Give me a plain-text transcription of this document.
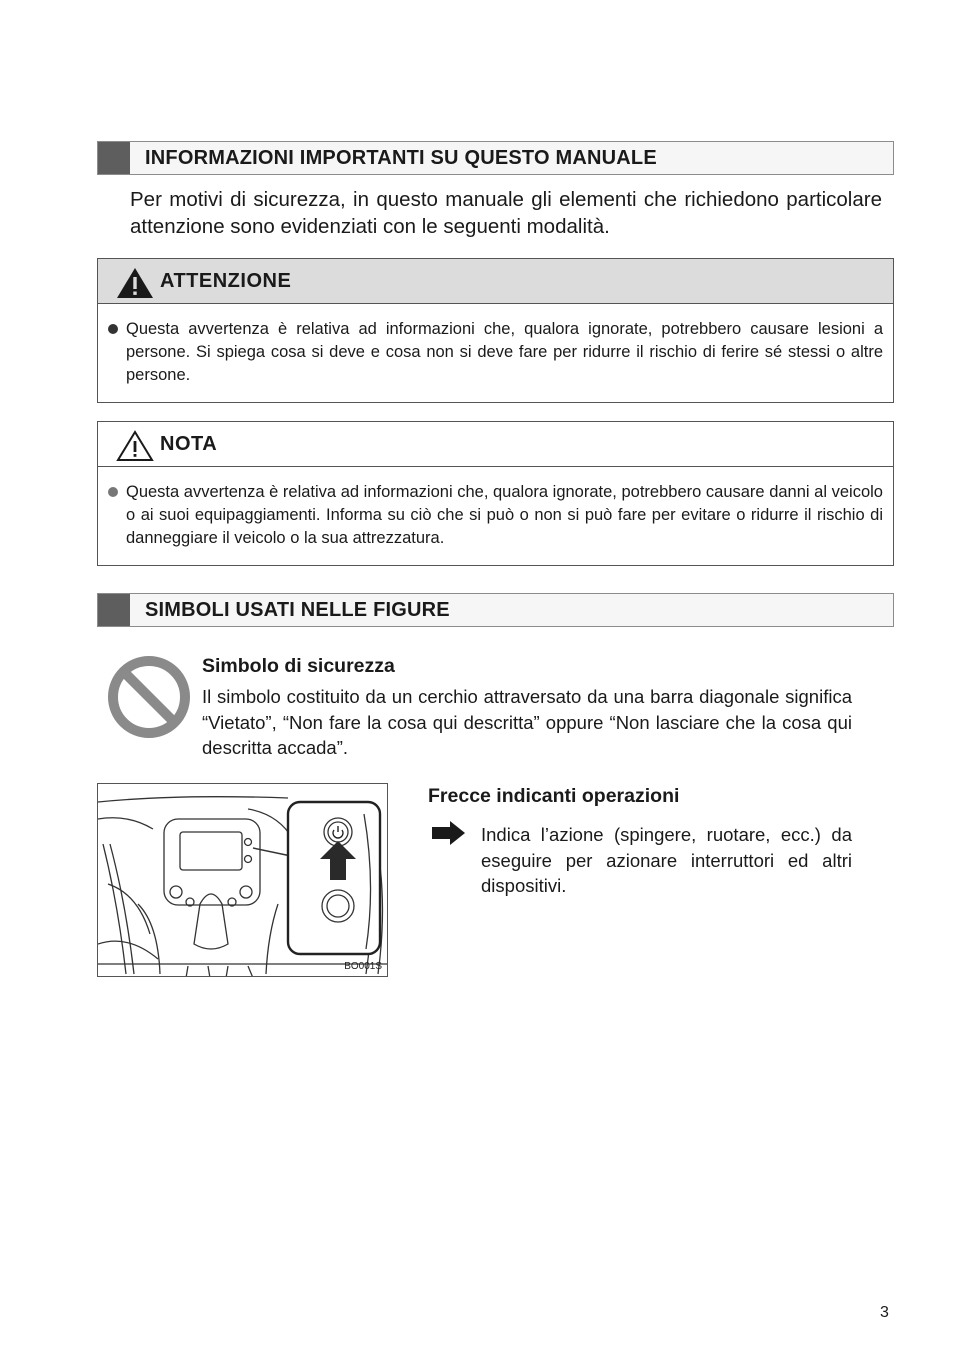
INFORMAZIONI IMPORTANTI SU QUESTO MANUALE
Per motivi di sicurezza, in questo manuale gli elementi che richiedono particolare attenzione sono evidenziati con le seguenti modalità.
ATTENZIONE
Questa avvertenza è relativa ad informazioni che, qualora ignorate, potrebbero causare lesioni a persone. Si spiega cosa si deve e cosa non si deve fare per ridurre il rischio di ferire sé stessi o altre persone.
NOTA
Questa avvertenza è relativa ad informazioni che, qualora ignorate, potrebbero causare danni al veicolo o ai suoi equipaggiamenti. Informa su ciò che si può o non si può fare per evitare o ridurre il rischio di danneggiare il veicolo o la sua attrezzatura.
SIMBOLI USATI NELLE FIGURE
Simbolo di sicurezza
Il simbolo costituito da un cerchio attraversato da una barra diagonale significa “Vietato”, “Non fare la cosa qui descritta” oppure “Non lasciare che la cosa qui descritta accada”.
BO001S
Frecce indicanti operazioni
Indica l’azione (spingere, ruotare, ecc.) da eseguire per azionare interruttori ed altri dispositivi.
3
